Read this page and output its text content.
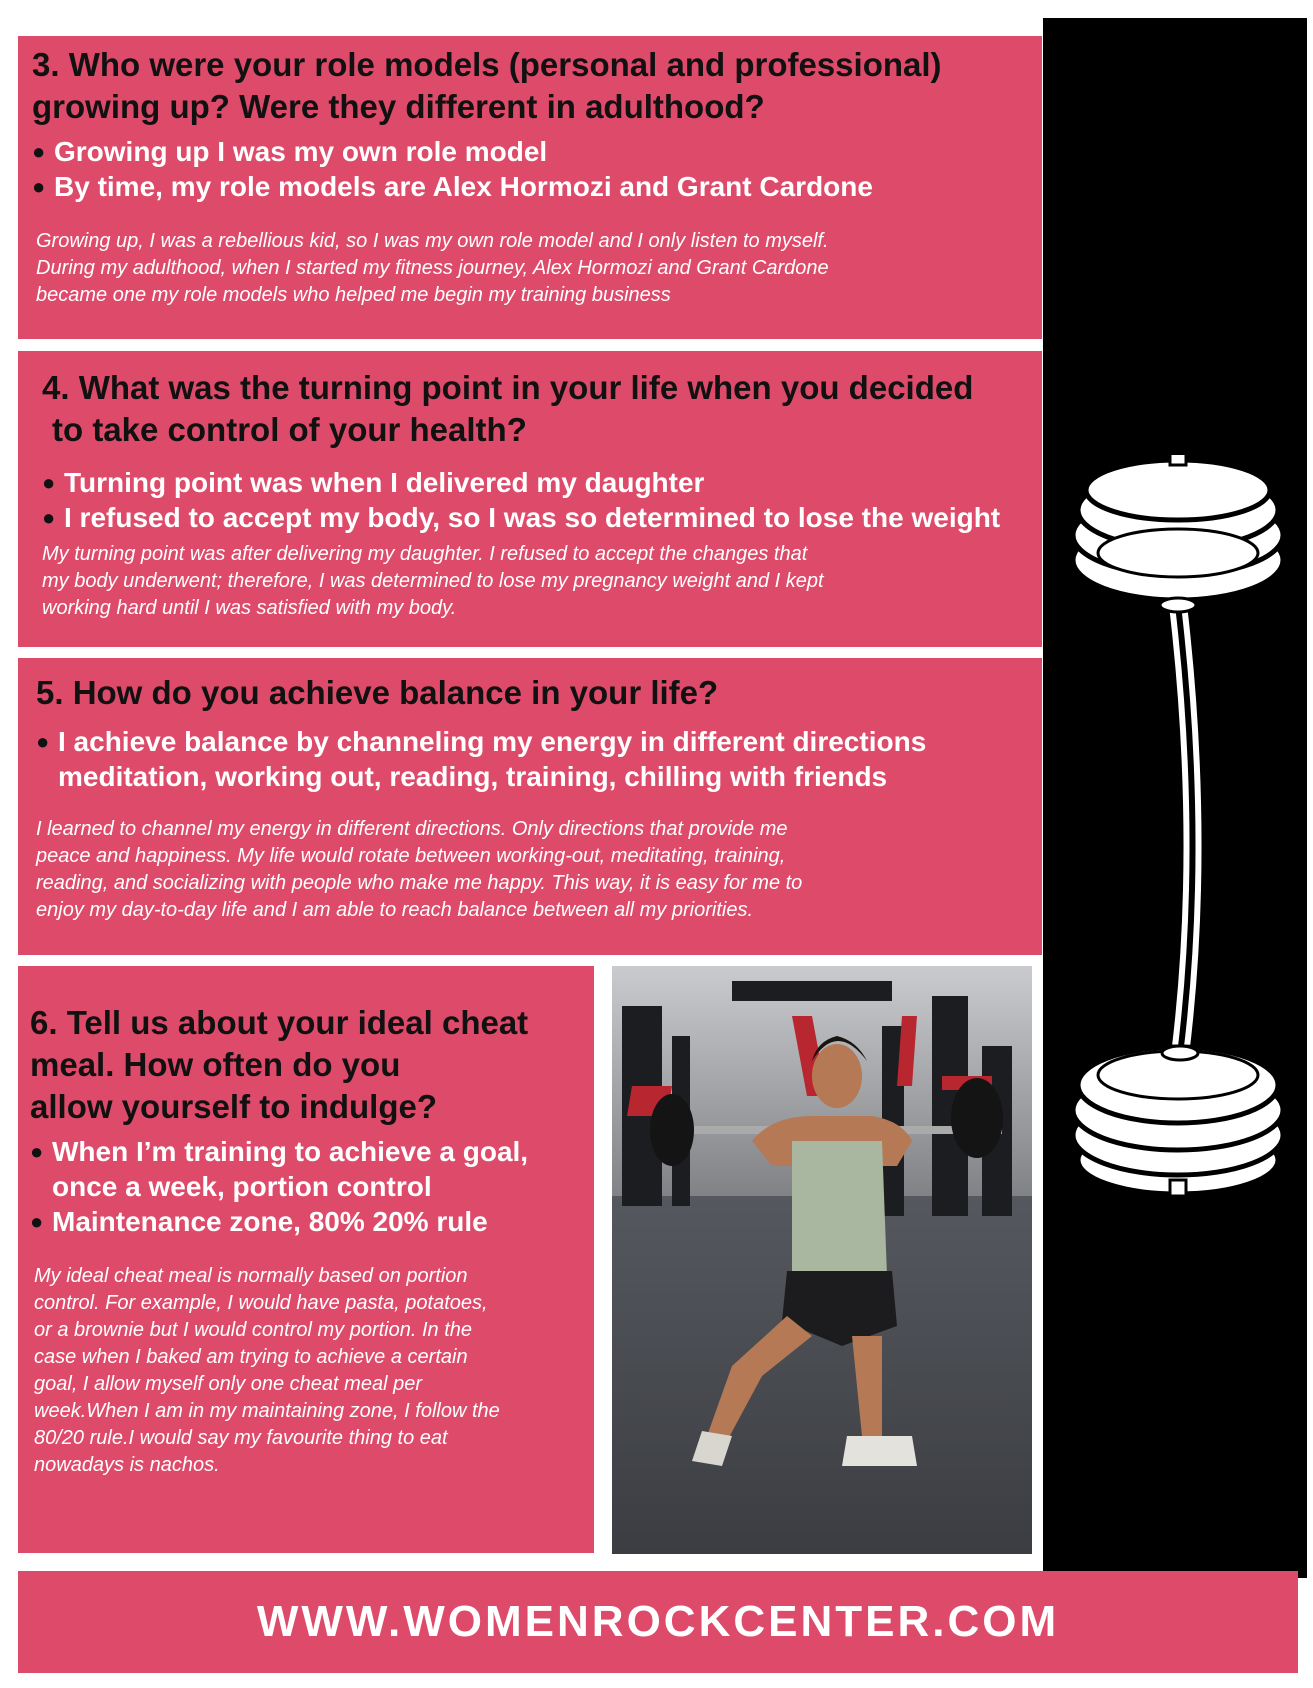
3. Who were your role models (personal and professional)
growing up? Were they different in adulthood?

● Growing up I was my own role model
● By time, my role models are Alex Hormozi and Grant Cardone

Growing up, I was a rebellious kid, so I was my own role model and I only listen to myself.
During my adulthood, when I started my fitness journey, Alex Hormozi and Grant Cardone
became one my role models who helped me begin my training business

4. What was the turning point in your life when you decided
to take control of your health?

● Turning point was when I delivered my daughter
● I refused to accept my body, so I was so determined to lose the weight

My turning point was after delivering my daughter. I refused to accept the changes that
my body underwent; therefore, I was determined to lose my pregnancy weight and I kept
working hard until I was satisfied with my body.

5. How do you achieve balance in your life?

● I achieve balance by channeling my energy in different directions
meditation, working out, reading, training, chilling with friends

I learned to channel my energy in different directions. Only directions that provide me
peace and happiness. My life would rotate between working-out, meditating, training,
reading, and socializing with people who make me happy. This way, it is easy for me to
enjoy my day-to-day life and I am able to reach balance between all my priorities.

6. Tell us about your ideal cheat
meal. How often do you
allow yourself to indulge?

● When I’m training to achieve a goal,
once a week, portion control
● Maintenance zone, 80% 20% rule

My ideal cheat meal is normally based on portion
control. For example, I would have pasta, potatoes,
or a brownie but I would control my portion. In the
case when I baked am trying to achieve a certain
goal, I allow myself only one cheat meal per
week.When I am in my maintaining zone, I follow the
80/20 rule.I would say my favourite thing to eat
nowadays is nachos.

WWW.WOMENROCKCENTER.COM
